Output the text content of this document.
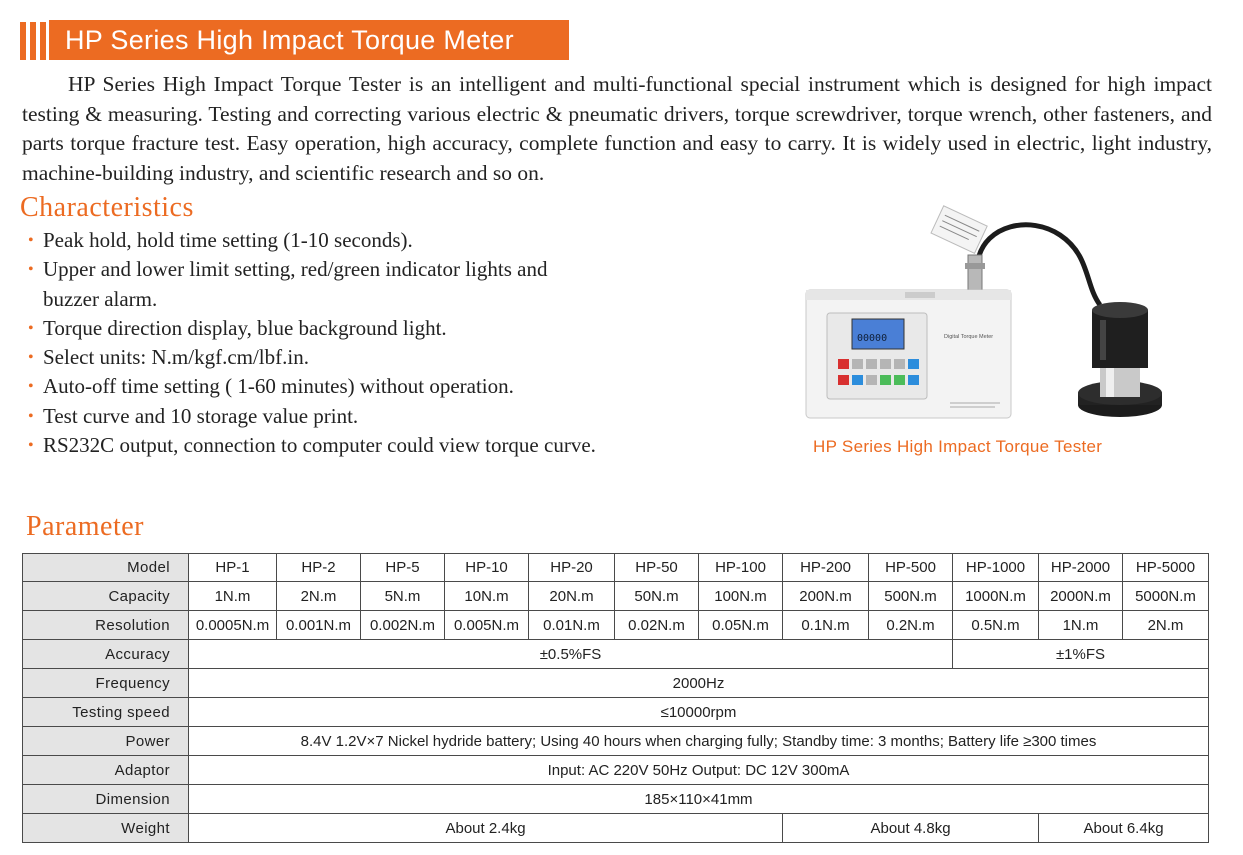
HP Series High Impact Torque Meter
HP Series High Impact Torque Tester is an intelligent and multi-functional special instrument which is designed for high impact testing & measuring. Testing and correcting various electric & pneumatic drivers, torque screwdriver, torque wrench, other fasteners, and parts torque fracture test. Easy operation, high accuracy, complete function and easy to carry. It is widely used in electric, light industry, machine-building industry, and scientific research and so on.
Characteristics
• Peak hold, hold time setting (1-10 seconds).
• Upper and lower limit setting, red/green indicator lights and buzzer alarm.
• Torque direction display, blue background light.
• Select units: N.m/kgf.cm/lbf.in.
• Auto-off time setting ( 1-60 minutes) without operation.
• Test curve and 10 storage value print.
• RS232C output, connection to computer could view torque curve.
00000	Digital Torque Meter
HP Series High Impact Torque Tester
Parameter
Model	HP-1	HP-2	HP-5	HP-10	HP-20	HP-50	HP-100	HP-200	HP-500	HP-1000	HP-2000	HP-5000
Capacity	1N.m	2N.m	5N.m	10N.m	20N.m	50N.m	100N.m	200N.m	500N.m	1000N.m	2000N.m	5000N.m
Resolution	0.0005N.m	0.001N.m	0.002N.m	0.005N.m	0.01N.m	0.02N.m	0.05N.m	0.1N.m	0.2N.m	0.5N.m	1N.m	2N.m
Accuracy	±0.5%FS									±1%FS		
Frequency	2000Hz											
Testing speed	≤10000rpm											
Power	8.4V 1.2V×7 Nickel hydride battery; Using 40 hours when charging fully; Standby time: 3 months; Battery life ≥300 times											
Adaptor	Input: AC 220V 50Hz Output: DC 12V 300mA											
Dimension	185×110×41mm											
Weight	About 2.4kg							About 4.8kg			About 6.4kg	
